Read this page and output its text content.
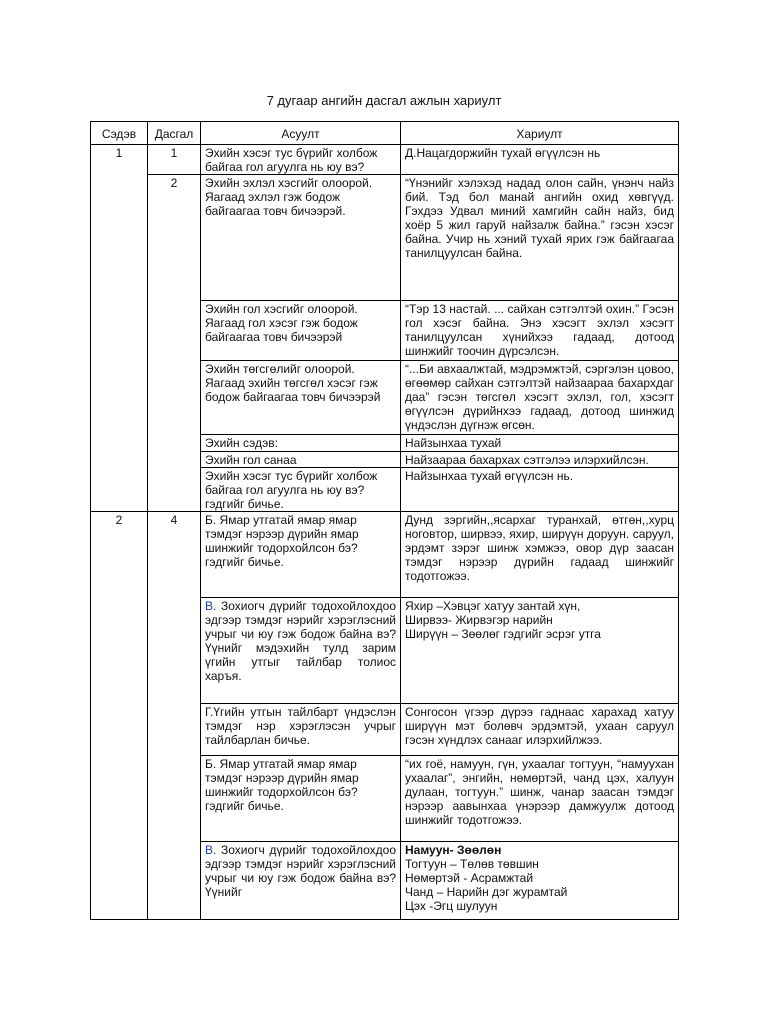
7 дугаар ангийн дасгал ажлын хариулт
Сэдэв	Дасгал	Асуулт	Хариулт
1	1	Эхийн хэсэг тус бүрийг холбож байгаа гол агуулга нь юу вэ?	Д.Нацагдоржийн тухай өгүүлсэн нь
	2	Эхийн эхлэл хэсгийг олоорой. Яагаад эхлэл гэж бодож байгаагаа товч бичээрэй.	“Үнэнийг хэлэхэд надад олон сайн, үнэнч найз бий. Тэд бол манай ангийн охид хөвгүүд. Гэхдээ Удвал миний хамгийн сайн найз, бид хоёр 5 жил гаруй найзалж байна.” гэсэн хэсэг байна. Учир нь хэний тухай ярих гэж байгаагаа танилцуулсан байна.
		Эхийн гол хэсгийг олоорой. Яагаад гол хэсэг гэж бодож байгаагаа товч бичээрэй	“Тэр 13 настай. ... сайхан сэтгэлтэй охин.” Гэсэн гол хэсэг байна. Энэ хэсэгт эхлэл хэсэгт танилцуулсан хүнийхээ гадаад, дотоод шинжийг тоочин дүрсэлсэн.
		Эхийн төгсгөлийг олоорой. Яагаад эхийн төгсгөл хэсэг гэж бодож байгаагаа товч бичээрэй	“...Би авхаалжтай, мэдрэмжтэй, сэргэлэн цовоо, өгөөмөр сайхан сэтгэлтэй найзаараа бахархдаг даа” гэсэн төгсгөл хэсэгт эхлэл, гол, хэсэгт өгүүлсэн дүрийнхээ гадаад, дотоод шинжид үндэслэн дүгнэж өгсөн.
		Эхийн сэдэв:	Найзынхаа тухай
		Эхийн гол санаа	Найзаараа бахархах сэтгэлээ илэрхийлсэн.
		Эхийн хэсэг тус бүрийг холбож байгаа гол агуулга нь юу вэ? гэдгийг бичье.	Найзынхаа тухай өгүүлсэн нь.
2	4	Б. Ямар утгатай ямар ямар тэмдэг нэрээр дүрийн ямар шинжийг тодорхойлсон бэ? гэдгийг бичье.	Дунд зэргийн,,ясархаг туранхай, өтгөн,,хурц ноговтор, ширвээ, яхир, ширүүн доруун. саруул, эрдэмт зэрэг шинж хэмжээ, овор дүр заасан тэмдэг нэрээр дүрийн гадаад шинжийг тодотгожээ.
		В. Зохиогч дүрийг тодохойлохдоо эдгээр тэмдэг нэрийг хэрэглэсний учрыг чи юу гэж бодож байна вэ? Үүнийг мэдэхийн тулд зарим үгийн утгыг тайлбар толиос харъя.	Яхир –Хэвцэг хатуу зантай хүн,
Ширвээ- Жирвэгэр нарийн
Ширүүн – Зөөлөг гэдгийг эсрэг утга
		Г.Үгийн утгын тайлбарт үндэслэн тэмдэг нэр хэрэглэсэн учрыг тайлбарлан бичье.	Сонгосон үгээр дүрээ гаднаас харахад хатуу ширүүн мэт болөвч эрдэмтэй, ухаан саруул гэсэн хүндлэх санааг илэрхийлжээ.
		Б. Ямар утгатай ямар ямар тэмдэг нэрээр дүрийн ямар шинжийг тодорхойлсон бэ? гэдгийг бичье.	“их гоё, намуун, гүн, ухаалаг тогтуун, “намуухан ухаалаг”, энгийн, нөмөртэй, чанд цэх, халуун дулаан, тогтуун.” шинж, чанар заасан тэмдэг нэрээр аавынхаа үнэрээр дамжуулж дотоод шинжийг тодотгожээ.
		В. Зохиогч дүрийг тодохойлохдоо эдгээр тэмдэг нэрийг хэрэглэсний учрыг чи юу гэж бодож байна вэ? Үүнийг	Намуун- Зөөлөн
Тогтуун – Төлөв төвшин
Нөмөртэй - Асрамжтай
Чанд – Нарийн дэг журамтай
Цэх -Эгц шулуун
